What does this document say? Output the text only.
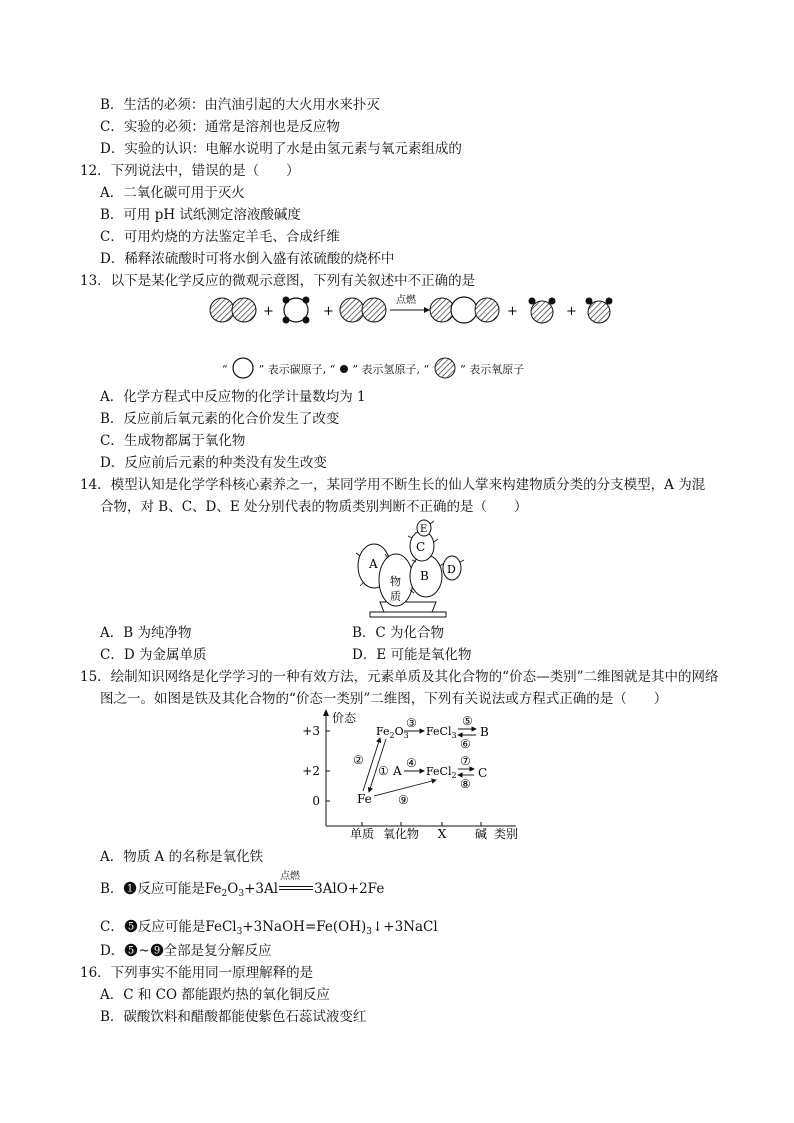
B．生活的必须：由汽油引起的大火用水来扑灭
C．实验的必须：通常是溶剂也是反应物
D．实验的认识：电解水说明了水是由氢元素与氧元素组成的
12．下列说法中，错误的是（　　）
A．二氧化碳可用于灭火
B．可用 pH 试纸测定溶液酸碱度
C．可用灼烧的方法鉴定羊毛、合成纤维
D．稀释浓硫酸时可将水倒入盛有浓硫酸的烧杯中
13．以下是某化学反应的微观示意图，下列有关叙述中不正确的是
+	+
点燃
+	+
“	” 表示碳原子, “ ” 表示氢原子, “	” 表示氧原子
A．化学方程式中反应物的化学计量数均为 1
B．反应前后氧元素的化合价发生了改变
C．生成物都属于氧化物
D．反应前后元素的种类没有发生改变
14．模型认知是化学学科核心素养之一，某同学用不断生长的仙人掌来构建物质分类的分支模型，A 为混
合物，对 B、C、D、E 处分别代表的物质类别判断不正确的是（　　）
A
物
质
B
C
D
E
A．B 为纯净物	B．C 为化合物
C．D 为金属单质	D．E 可能是氧化物
15．绘制知识网络是化学学习的一种有效方法，元素单质及其化合物的“价态—类别”二维图就是其中的网络
图之一。如图是铁及其化合物的“价态一类别”二维图，下列有关说法或方程式正确的是（　　）
价态
类别
+3
+2
0
单质 氧化物 X 碱
Fe
$Fe_2O_3$ FeCl$_3$
A FeCl$_2$
B
C
②
①
③
④
⑤
⑥
⑦
⑧
⑨
A．物质 A 的名称是氧化铁
B． 1 反应可能是$Fe_2O_3+3Al$
点燃
3AlO+2Fe
C． 5 反应可能是$FeCl_3+3NaOH=Fe(OH)_3↓+3NaCl$
D． 5 ~ 9 全部是复分解反应
16．下列事实不能用同一原理解释的是
A．C 和 CO 都能跟灼热的氧化铜反应
B．碳酸饮料和醋酸都能使紫色石蕊试液变红
